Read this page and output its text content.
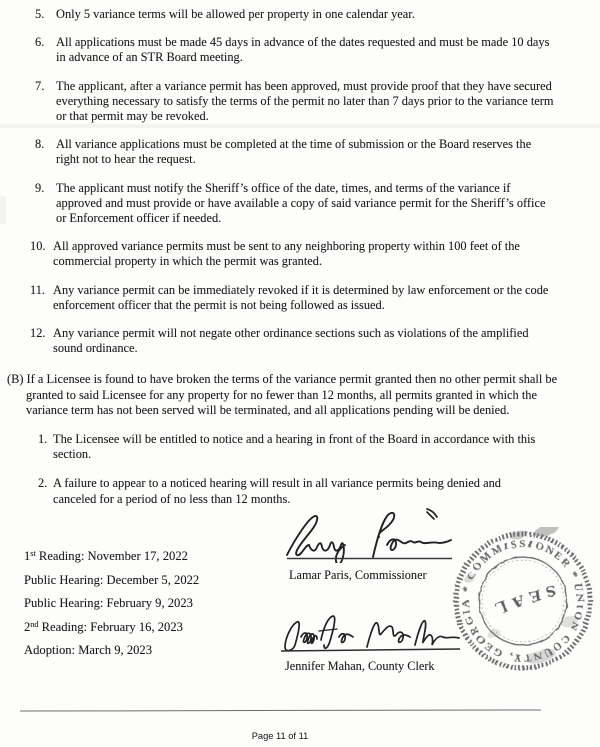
5. Only 5 variance terms will be allowed per property in one calendar year.
6. All applications must be made 45 days in advance of the dates requested and must be made 10 days in advance of an STR Board meeting.
7. The applicant, after a variance permit has been approved, must provide proof that they have secured everything necessary to satisfy the terms of the permit no later than 7 days prior to the variance term or that permit may be revoked.
8. All variance applications must be completed at the time of submission or the Board reserves the right not to hear the request.
9. The applicant must notify the Sheriff’s office of the date, times, and terms of the variance if approved and must provide or have available a copy of said variance permit for the Sheriff’s office or Enforcement officer if needed.
10. All approved variance permits must be sent to any neighboring property within 100 feet of the commercial property in which the permit was granted.
11. Any variance permit can be immediately revoked if it is determined by law enforcement or the code enforcement officer that the permit is not being followed as issued.
12. Any variance permit will not negate other ordinance sections such as violations of the amplified sound ordinance.
(B) If a Licensee is found to have broken the terms of the variance permit granted then no other permit shall be granted to said Licensee for any property for no fewer than 12 months, all permits granted in which the variance term has not been served will be terminated, and all applications pending will be denied.
1. The Licensee will be entitled to notice and a hearing in front of the Board in accordance with this section.
2. A failure to appear to a noticed hearing will result in all variance permits being denied and canceled for a period of no less than 12 months.
1st Reading: November 17, 2022
Public Hearing: December 5, 2022
Public Hearing: February 9, 2023
2nd Reading: February 16, 2023
Adoption: March 9, 2023
Lamar Paris, Commissioner
Jennifer Mahan, County Clerk
UNION COUNTY, GEORGIA * COMMISSIONER *
SEAL
Page 11 of 11
